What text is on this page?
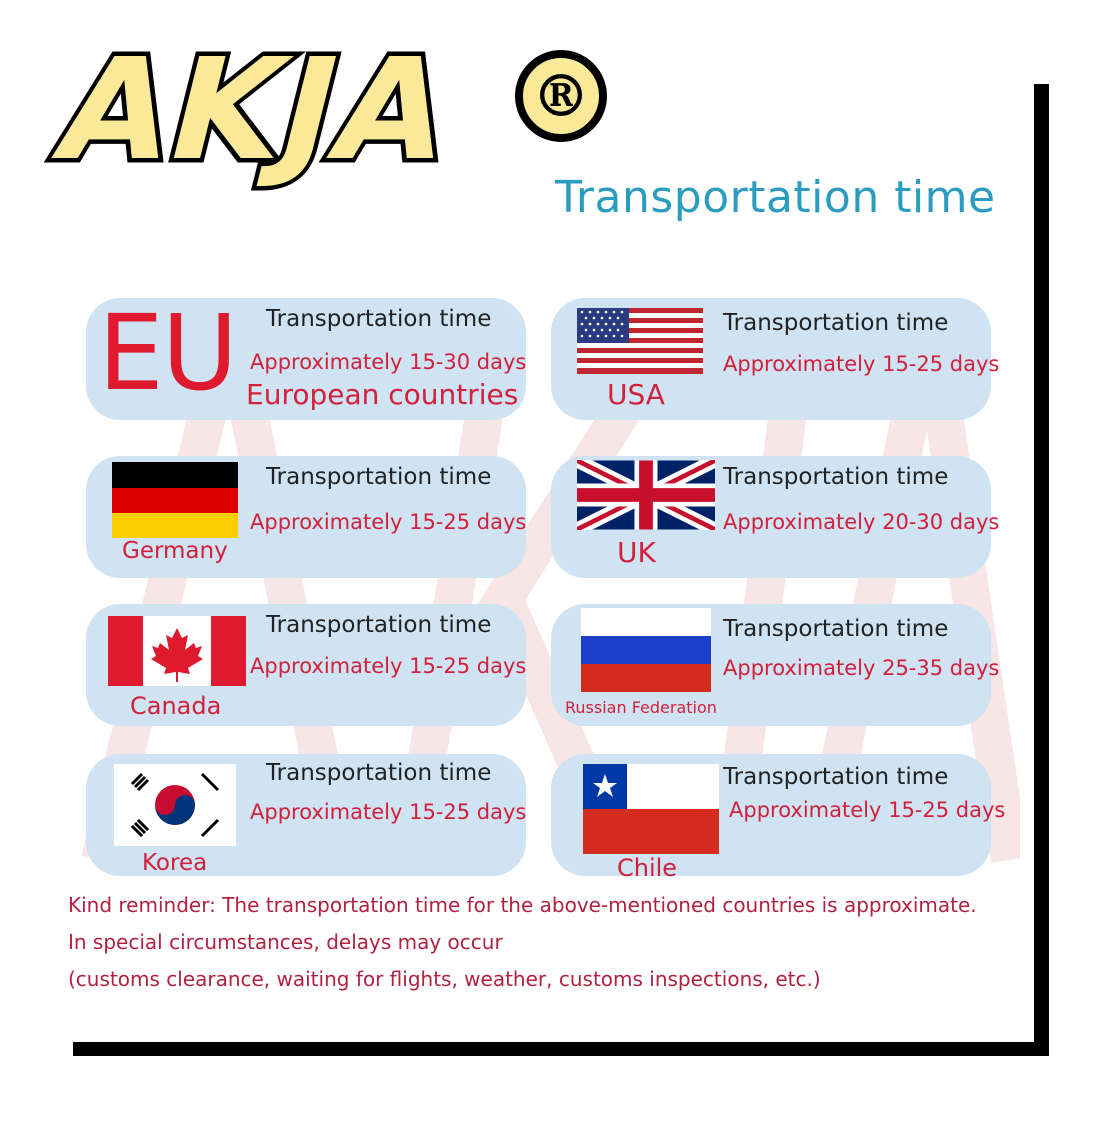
AKJA ®
Transportation time
EU Transportation time
Approximately 15-30 days
European countries
Transportation time
Approximately 15-25 days
USA
Transportation time
Approximately 15-25 days
Germany
Transportation time
Approximately 20-30 days
UK
Transportation time
Approximately 15-25 days
Canada
Transportation time
Approximately 25-35 days
Russian Federation
Transportation time
Approximately 15-25 days
Korea
Transportation time
Approximately 15-25 days
Chile
Kind reminder: The transportation time for the above-mentioned countries is approximate.
In special circumstances, delays may occur
(customs clearance, waiting for flights, weather, customs inspections, etc.)
